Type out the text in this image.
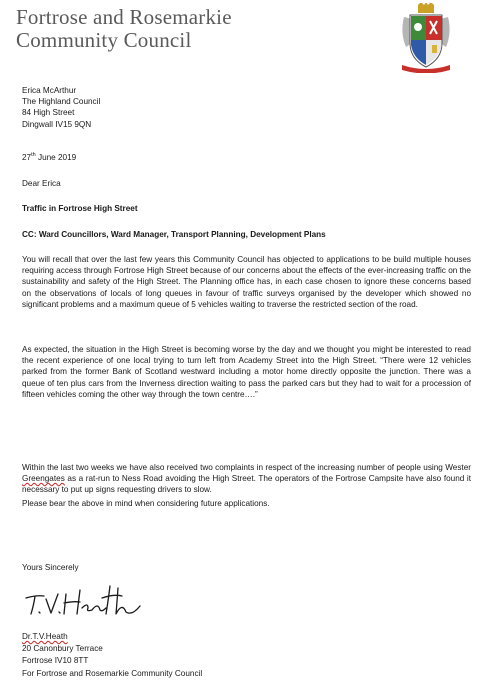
Fortrose and Rosemarkie
Community Council
Erica McArthur
The Highland Council
84 High Street
Dingwall IV15 9QN
27th June 2019
Dear Erica
Traffic in Fortrose High Street
CC: Ward Councillors, Ward Manager, Transport Planning, Development Plans
You will recall that over the last few years this Community Council has objected to applications to be build multiple houses requiring access through Fortrose High Street because of our concerns about the effects of the ever-increasing traffic on the sustainability and safety of the High Street. The Planning office has, in each case chosen to ignore these concerns based on the observations of locals of long queues in favour of traffic surveys organised by the developer which showed no significant problems and a maximum queue of 5 vehicles waiting to traverse the restricted section of the road.
As expected, the situation in the High Street is becoming worse by the day and we thought you might be interested to read the recent experience of one local trying to turn left from Academy Street into the High Street. “There were 12 vehicles parked from the former Bank of Scotland westward including a motor home directly opposite the junction. There was a queue of ten plus cars from the Inverness direction waiting to pass the parked cars but they had to wait for a procession of fifteen vehicles coming the other way through the town centre….”
Within the last two weeks we have also received two complaints in respect of the increasing number of people using Wester Greengates as a rat-run to Ness Road avoiding the High Street. The operators of the Fortrose Campsite have also found it necessary to put up signs requesting drivers to slow.
Please bear the above in mind when considering future applications.
Yours Sincerely
Dr.T.V.Heath
20 Canonbury Terrace
Fortrose IV10 8TT
For Fortrose and Rosemarkie Community Council
